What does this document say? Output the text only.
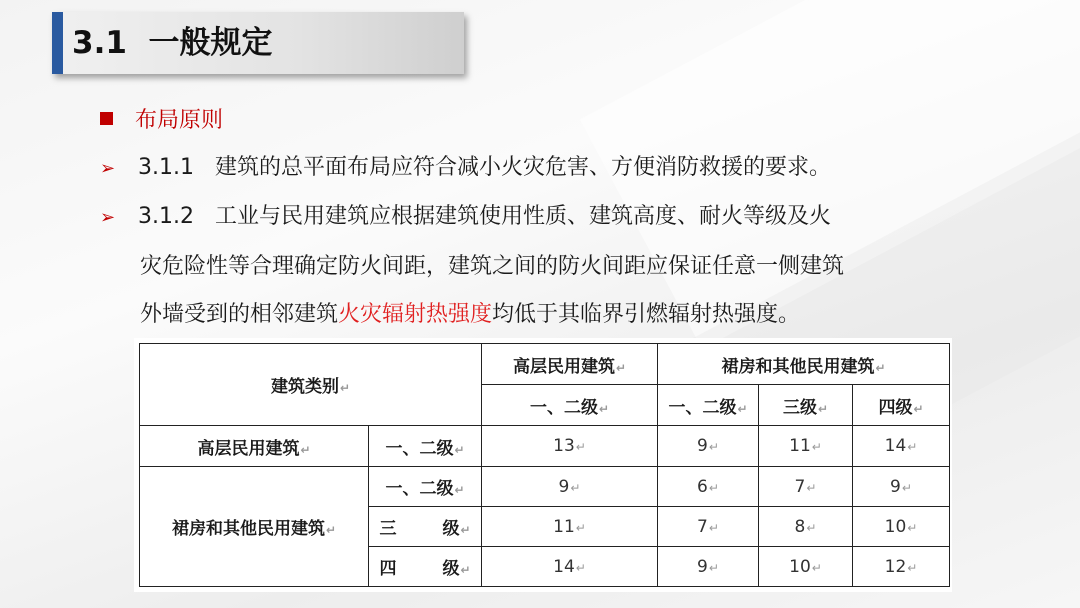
3.1  一般规定
布局原则
➢ 3.1.1 建筑的总平面布局应符合减小火灾危害、方便消防救援的要求。
➢ 3.1.2 工业与民用建筑应根据建筑使用性质、建筑高度、耐火等级及火
灾危险性等合理确定防火间距，建筑之间的防火间距应保证任意一侧建筑
外墙受到的相邻建筑火灾辐射热强度均低于其临界引燃辐射热强度。
建筑类别↵		高层民用建筑↵	裙房和其他民用建筑↵		
		一、二级↵	一、二级↵	三级↵	四级↵
高层民用建筑↵	一、二级↵	13↵	9↵	11↵	14↵
裙房和其他民用建筑↵	一、二级↵	9↵	6↵	7↵	9↵
	三 级↵	11↵	7↵	8↵	10↵
	四 级↵	14↵	9↵	10↵	12↵
